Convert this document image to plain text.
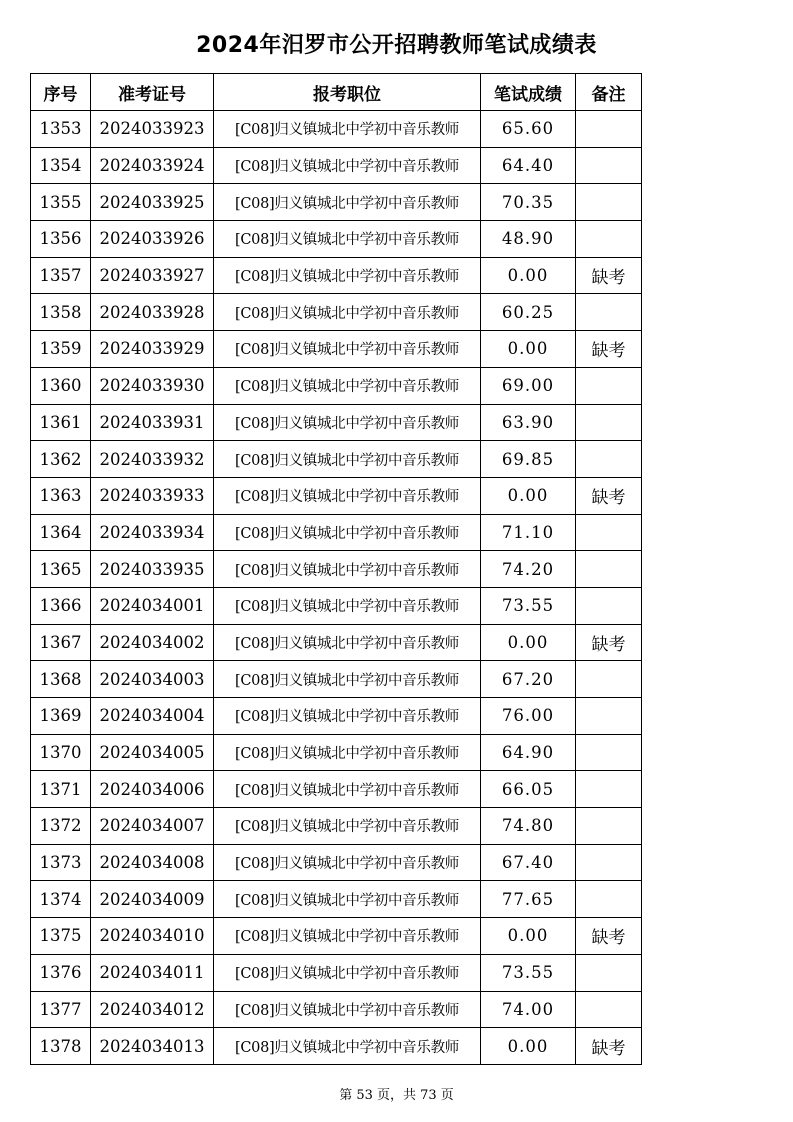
2024年汨罗市公开招聘教师笔试成绩表
序号	准考证号	报考职位	笔试成绩	备注
1353	2024033923	[C08]归义镇城北中学初中音乐教师	65.60	
1354	2024033924	[C08]归义镇城北中学初中音乐教师	64.40	
1355	2024033925	[C08]归义镇城北中学初中音乐教师	70.35	
1356	2024033926	[C08]归义镇城北中学初中音乐教师	48.90	
1357	2024033927	[C08]归义镇城北中学初中音乐教师	0.00	缺考
1358	2024033928	[C08]归义镇城北中学初中音乐教师	60.25	
1359	2024033929	[C08]归义镇城北中学初中音乐教师	0.00	缺考
1360	2024033930	[C08]归义镇城北中学初中音乐教师	69.00	
1361	2024033931	[C08]归义镇城北中学初中音乐教师	63.90	
1362	2024033932	[C08]归义镇城北中学初中音乐教师	69.85	
1363	2024033933	[C08]归义镇城北中学初中音乐教师	0.00	缺考
1364	2024033934	[C08]归义镇城北中学初中音乐教师	71.10	
1365	2024033935	[C08]归义镇城北中学初中音乐教师	74.20	
1366	2024034001	[C08]归义镇城北中学初中音乐教师	73.55	
1367	2024034002	[C08]归义镇城北中学初中音乐教师	0.00	缺考
1368	2024034003	[C08]归义镇城北中学初中音乐教师	67.20	
1369	2024034004	[C08]归义镇城北中学初中音乐教师	76.00	
1370	2024034005	[C08]归义镇城北中学初中音乐教师	64.90	
1371	2024034006	[C08]归义镇城北中学初中音乐教师	66.05	
1372	2024034007	[C08]归义镇城北中学初中音乐教师	74.80	
1373	2024034008	[C08]归义镇城北中学初中音乐教师	67.40	
1374	2024034009	[C08]归义镇城北中学初中音乐教师	77.65	
1375	2024034010	[C08]归义镇城北中学初中音乐教师	0.00	缺考
1376	2024034011	[C08]归义镇城北中学初中音乐教师	73.55	
1377	2024034012	[C08]归义镇城北中学初中音乐教师	74.00	
1378	2024034013	[C08]归义镇城北中学初中音乐教师	0.00	缺考
第 53 页，共 73 页
